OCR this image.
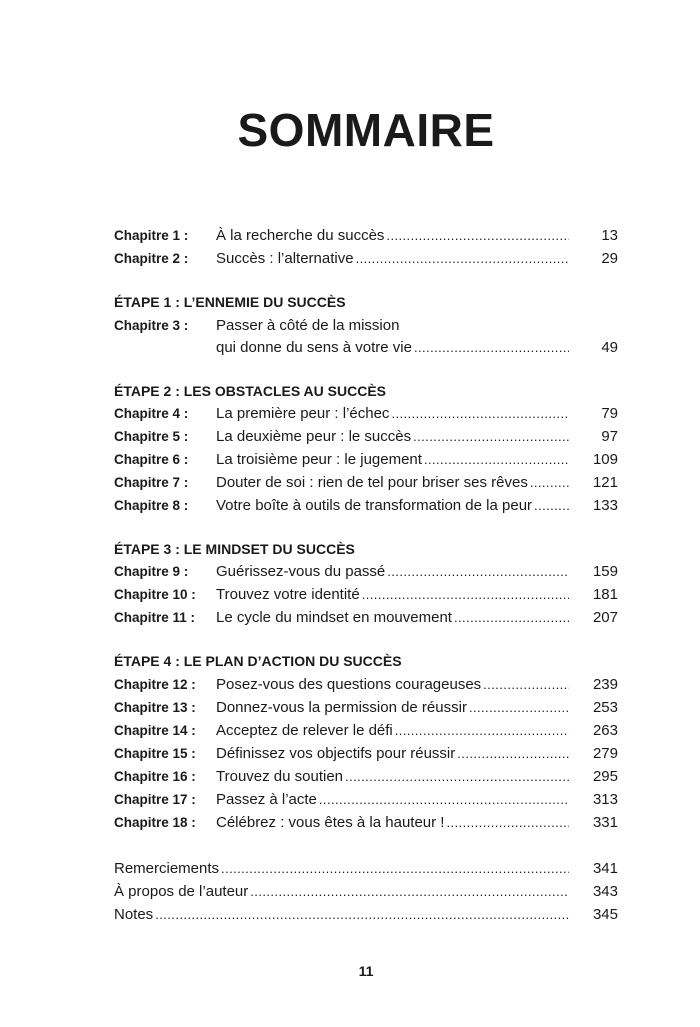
SOMMAIRE
Chapitre 1 : À la recherche du succès . . .	13
Chapitre 2 : Succès : l’alternative . . .	29
ÉTAPE 1 : L’ENNEMIE DU SUCCÈS
Chapitre 3 : Passer à côté de la mission
qui donne du sens à votre vie . . .	49
ÉTAPE 2 : LES OBSTACLES AU SUCCÈS
Chapitre 4 : La première peur : l’échec . . .	79
Chapitre 5 : La deuxième peur : le succès . . .	97
Chapitre 6 : La troisième peur : le jugement . . .	109
Chapitre 7 : Douter de soi : rien de tel pour briser ses rêves . . .	121
Chapitre 8 : Votre boîte à outils de transformation de la peur . . .	133
ÉTAPE 3 : LE MINDSET DU SUCCÈS
Chapitre 9 : Guérissez-vous du passé . . .	159
Chapitre 10 : Trouvez votre identité . . .	181
Chapitre 11 : Le cycle du mindset en mouvement . . .	207
ÉTAPE 4 : LE PLAN D’ACTION DU SUCCÈS
Chapitre 12 : Posez-vous des questions courageuses . . .	239
Chapitre 13 : Donnez-vous la permission de réussir . . .	253
Chapitre 14 : Acceptez de relever le défi . . .	263
Chapitre 15 : Définissez vos objectifs pour réussir . . .	279
Chapitre 16 : Trouvez du soutien . . .	295
Chapitre 17 : Passez à l’acte . . .	313
Chapitre 18 : Célébrez : vous êtes à la hauteur ! . . .	331
Remerciements . . .	341
À propos de l’auteur . . .	343
Notes . . .	345
11
